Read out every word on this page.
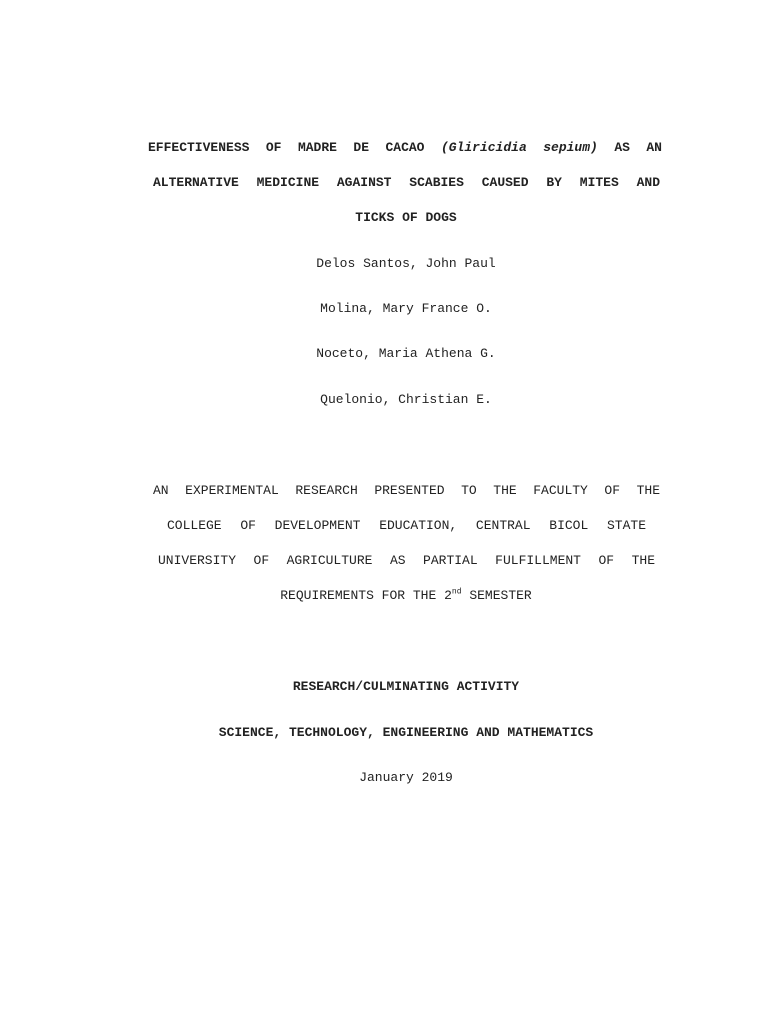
EFFECTIVENESS OF MADRE DE CACAO (Gliricidia sepium) AS AN
ALTERNATIVE MEDICINE AGAINST SCABIES CAUSED BY MITES AND
TICKS OF DOGS
Delos Santos, John Paul
Molina, Mary France O.
Noceto, Maria Athena G.
Quelonio, Christian E.
AN EXPERIMENTAL RESEARCH PRESENTED TO THE FACULTY OF THE
COLLEGE OF DEVELOPMENT EDUCATION, CENTRAL BICOL STATE
UNIVERSITY OF AGRICULTURE AS PARTIAL FULFILLMENT OF THE
REQUIREMENTS FOR THE 2nd SEMESTER
RESEARCH/CULMINATING ACTIVITY
SCIENCE, TECHNOLOGY, ENGINEERING AND MATHEMATICS
January 2019
